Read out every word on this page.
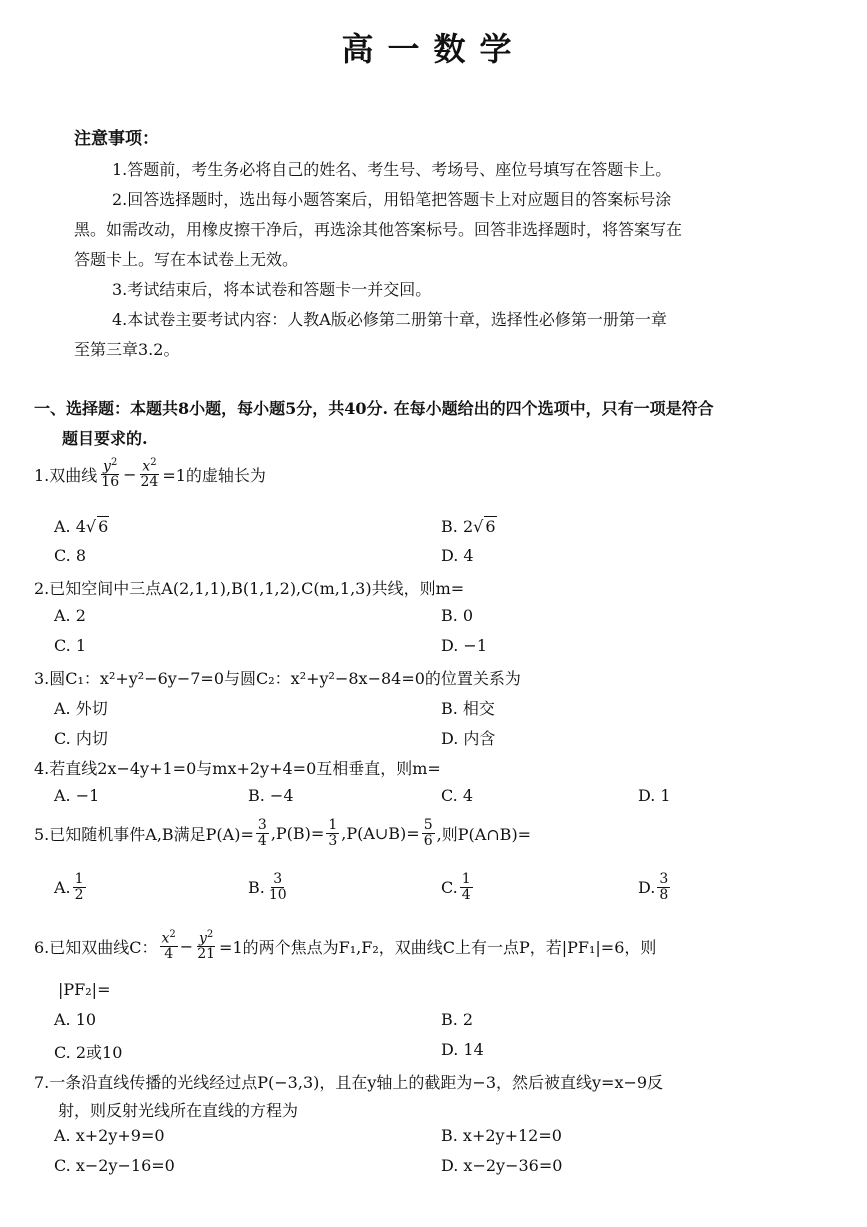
高一数学
注意事项：
1.答题前，考生务必将自己的姓名、考生号、考场号、座位号填写在答题卡上。
2.回答选择题时，选出每小题答案后，用铅笔把答题卡上对应题目的答案标号涂
黑。如需改动，用橡皮擦干净后，再选涂其他答案标号。回答非选择题时，将答案写在
答题卡上。写在本试卷上无效。
3.考试结束后，将本试卷和答题卡一并交回。
4.本试卷主要考试内容：人教A版必修第二册第十章，选择性必修第一册第一章
至第三章3.2。
一、选择题：本题共8小题，每小题5分，共40分. 在每小题给出的四个选项中，只有一项是符合
题目要求的.
1.双曲线 $\frac{y^2}{16} - \frac{x^2}{24} =1$的虚轴长为
A.
4 √ 6	B.
2 √ 6
C. 8	D. 4
2.已知空间中三点A(2,1,1),B(1,1,2),C(m,1,3)共线，则m=
A. 2	B. 0
C. 1	D. −1
3.圆C₁：x²+y²−6y−7=0与圆C₂：x²+y²−8x−84=0的位置关系为
A. 外切	B. 相交
C. 内切	D. 内含
4.若直线2x−4y+1=0与mx+2y+4=0互相垂直，则m=
A. −1	B. −4	C. 4	D. 1
5.已知随机事件A,B满足$P(A)= \frac{3}{4} ,P(B)= \frac{1}{3}$ ,P(A∪B)= $\frac{5}{6}$ ,则P(A∩B)=
A. $\frac{1}{2}$	B. $\frac{3}{10}$	C. $\frac{1}{4}$	D. $\frac{3}{8}$
6.已知双曲线C： $\frac{x^2}{4} - \frac{y^2}{21} =1$的两个焦点为F₁,F₂，双曲线C上有一点P，若|PF₁|=6，则
|PF₂|=
A. 10	B. 2
C. 2或10	D. 14
7.一条沿直线传播的光线经过点P(−3,3)，且在y轴上的截距为−3，然后被直线y=x−9反
射，则反射光线所在直线的方程为
A. x+2y+9=0	B. x+2y+12=0
C. x−2y−16=0	D. x−2y−36=0
